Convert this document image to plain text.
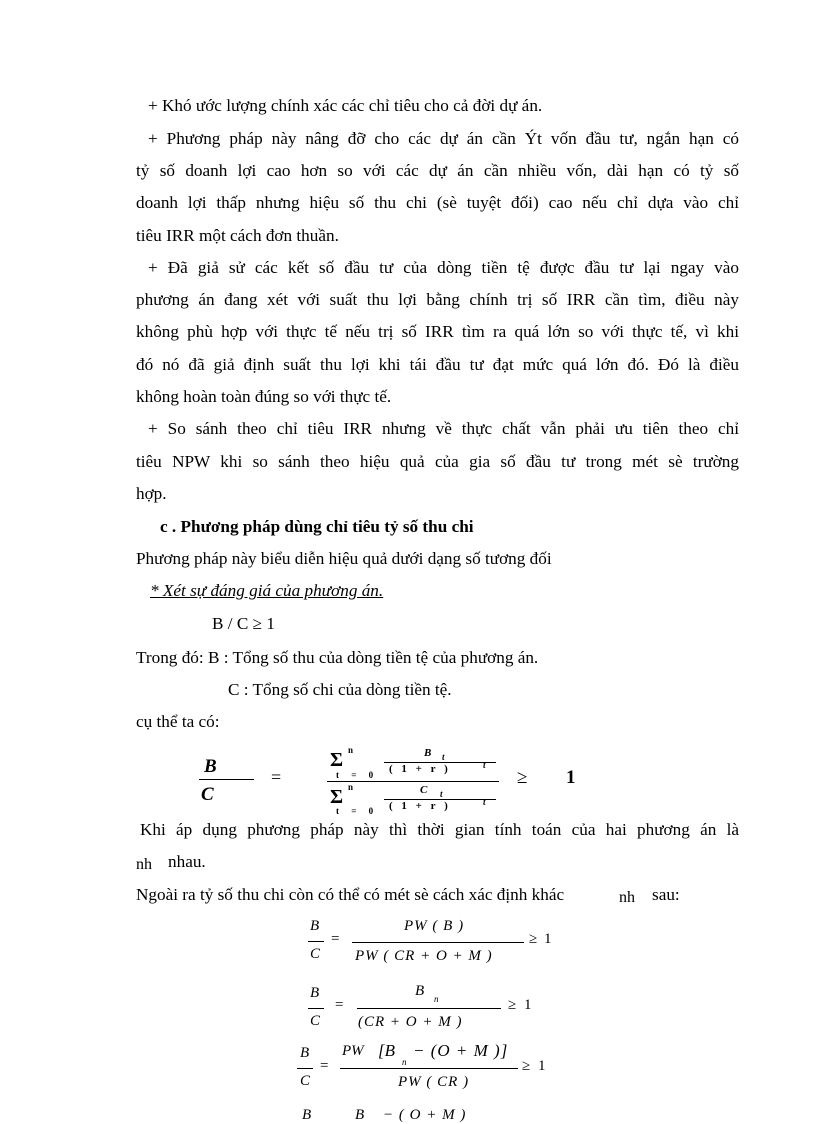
+ Khó ước lượng chính xác các chỉ tiêu cho cả đời dự án.
+ Phương pháp này nâng đỡ cho các dự án cần Ýt vốn đầu tư, ngắn hạn có
tỷ số doanh lợi cao hơn so với các dự án cần nhiều vốn, dài hạn có tỷ số
doanh lợi thấp nhưng hiệu số thu chi (sè tuyệt đối) cao nếu chỉ dựa vào chỉ
tiêu IRR một cách đơn thuần.
+ Đã giả sử các kết số đầu tư của dòng tiền tệ được đầu tư lại ngay vào
phương án đang xét với suất thu lợi bằng chính trị số IRR cần tìm, điều này
không phù hợp với thực tế nếu trị số IRR tìm ra quá lớn so với thực tế, vì khi
đó nó đã giả định suất thu lợi khi tái đầu tư đạt mức quá lớn đó. Đó là điều
không hoàn toàn đúng so với thực tế.
+ So sánh theo chỉ tiêu IRR nhưng về thực chất vẫn phải ưu tiên theo chỉ
tiêu NPW khi so sánh theo hiệu quả của gia số đầu tư trong mét sè trường
hợp.
c . Phương pháp dùng chỉ tiêu tỷ số thu chi
Phương pháp này biểu diễn hiệu quả dưới dạng số tương đối
* Xét sự đáng giá của phương án.
B / C ≥ 1
Trong đó: B : Tổng số thu của dòng tiền tệ của phương án.
C : Tổng số chi của dòng tiền tệ.
cụ thể ta có:
B
C
=
n
Σ
t = 0
B t
( 1 + r )	t
n
Σ
t = 0
C t
( 1 + r )	t
≥ 1
Khi áp dụng phương pháp này thì thời gian tính toán của hai phương án là
nh nhau.
Ngoài ra tỷ số thu chi còn có thể có mét sè cách xác định khác	nh sau:
B
C
=
PW ( B )
PW ( CR + O + M )
≥ 1
B
C
=
B n
(CR + O + M )
≥ 1
B
C
=
PW [B
n
− (O + M )]
PW ( CR )
≥ 1
B	B − ( O + M )
